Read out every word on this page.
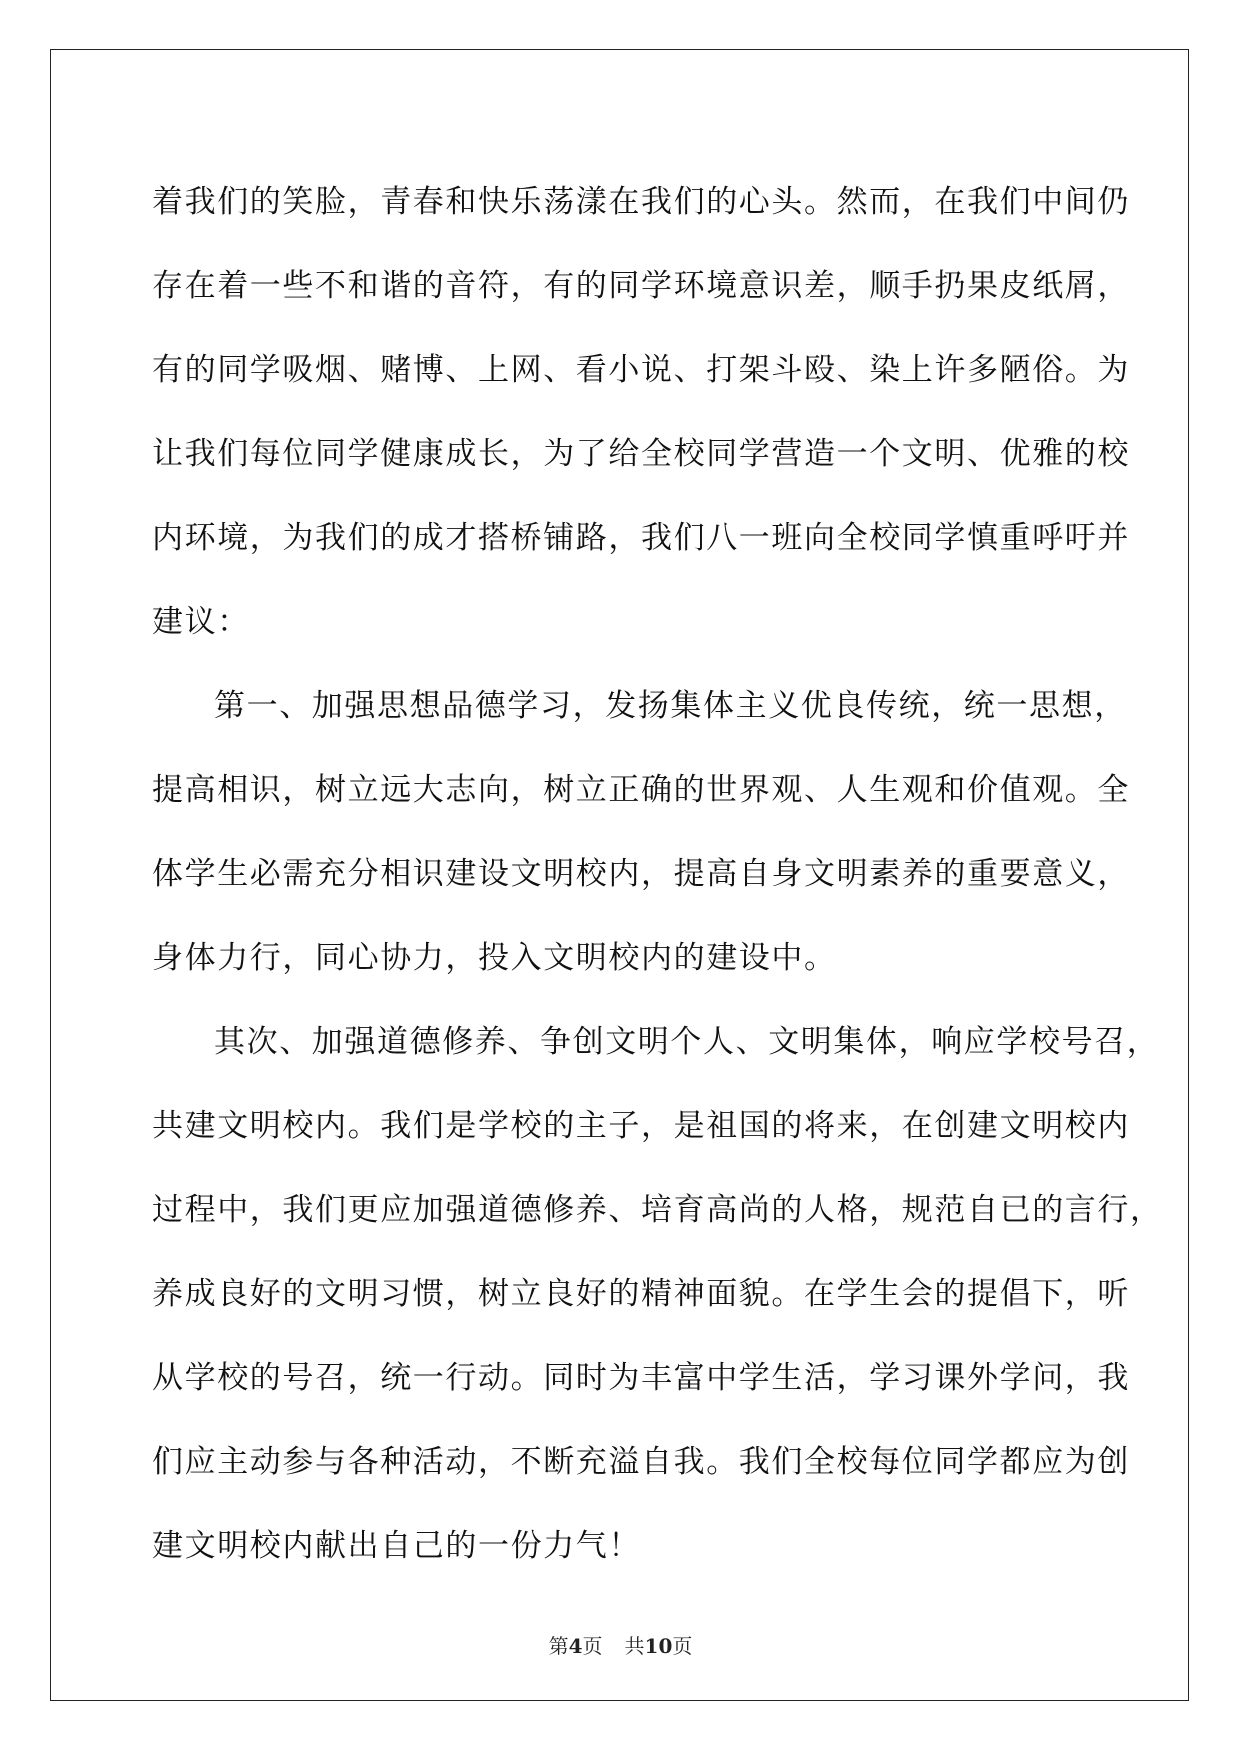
着我们的笑脸，青春和快乐荡漾在我们的心头。然而，在我们中间仍

存在着一些不和谐的音符，有的同学环境意识差，顺手扔果皮纸屑，

有的同学吸烟、赌博、上网、看小说、打架斗殴、染上许多陋俗。为

让我们每位同学健康成长，为了给全校同学营造一个文明、优雅的校

内环境，为我们的成才搭桥铺路，我们八一班向全校同学慎重呼吁并

建议：

第一、加强思想品德学习，发扬集体主义优良传统，统一思想，

提高相识，树立远大志向，树立正确的世界观、人生观和价值观。全

体学生必需充分相识建设文明校内，提高自身文明素养的重要意义，

身体力行，同心协力，投入文明校内的建设中。

其次、加强道德修养、争创文明个人、文明集体，响应学校号召，

共建文明校内。我们是学校的主子，是祖国的将来，在创建文明校内

过程中，我们更应加强道德修养、培育高尚的人格，规范自已的言行，

养成良好的文明习惯，树立良好的精神面貌。在学生会的提倡下，听

从学校的号召，统一行动。同时为丰富中学生活，学习课外学问，我

们应主动参与各种活动，不断充溢自我。我们全校每位同学都应为创

建文明校内献出自己的一份力气！

第4页 共10页
